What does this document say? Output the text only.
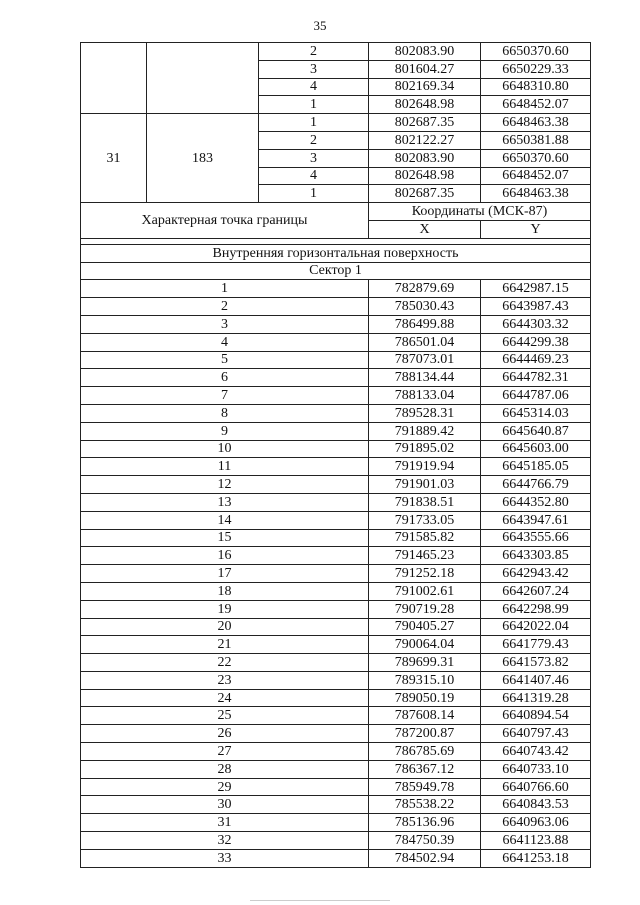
35
		2	802083.90	6650370.60
		3	801604.27	6650229.33
		4	802169.34	6648310.80
		1	802648.98	6648452.07
31	183	1	802687.35	6648463.38
		2	802122.27	6650381.88
		3	802083.90	6650370.60
		4	802648.98	6648452.07
		1	802687.35	6648463.38
Характерная точка границы			Координаты (МСК-87)	
			X	Y

Внутренняя горизонтальная поверхность				
Сектор 1				
1			782879.69	6642987.15
2			785030.43	6643987.43
3			786499.88	6644303.32
4			786501.04	6644299.38
5			787073.01	6644469.23
6			788134.44	6644782.31
7			788133.04	6644787.06
8			789528.31	6645314.03
9			791889.42	6645640.87
10			791895.02	6645603.00
11			791919.94	6645185.05
12			791901.03	6644766.79
13			791838.51	6644352.80
14			791733.05	6643947.61
15			791585.82	6643555.66
16			791465.23	6643303.85
17			791252.18	6642943.42
18			791002.61	6642607.24
19			790719.28	6642298.99
20			790405.27	6642022.04
21			790064.04	6641779.43
22			789699.31	6641573.82
23			789315.10	6641407.46
24			789050.19	6641319.28
25			787608.14	6640894.54
26			787200.87	6640797.43
27			786785.69	6640743.42
28			786367.12	6640733.10
29			785949.78	6640766.60
30			785538.22	6640843.53
31			785136.96	6640963.06
32			784750.39	6641123.88
33			784502.94	6641253.18
